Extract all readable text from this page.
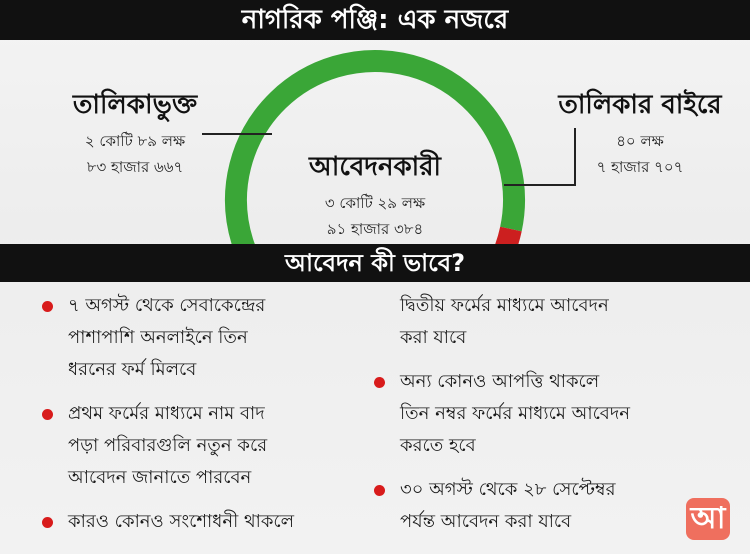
নাগরিক পঞ্জি: এক নজরে
তালিকাভুক্ত
২ কোটি ৮৯ লক্ষ
৮৩ হাজার ৬৬৭
তালিকার বাইরে
৪০ লক্ষ
৭ হাজার ৭০৭
আবেদনকারী
৩ কোটি ২৯ লক্ষ
৯১ হাজার ৩৮৪
আবেদন কী ভাবে?
৭ অগস্ট থেকে সেবাকেন্দ্রের
পাশাপাশি অনলাইনে তিন
ধরনের ফর্ম মিলবে
প্রথম ফর্মের মাধ্যমে নাম বাদ
পড়া পরিবারগুলি নতুন করে
আবেদন জানাতে পারবেন
কারও কোনও সংশোধনী থাকলে
দ্বিতীয় ফর্মের মাধ্যমে আবেদন
করা যাবে
অন্য কোনও আপত্তি থাকলে
তিন নম্বর ফর্মের মাধ্যমে আবেদন
করতে হবে
৩০ অগস্ট থেকে ২৮ সেপ্টেম্বর
পর্যন্ত আবেদন করা যাবে	আ
